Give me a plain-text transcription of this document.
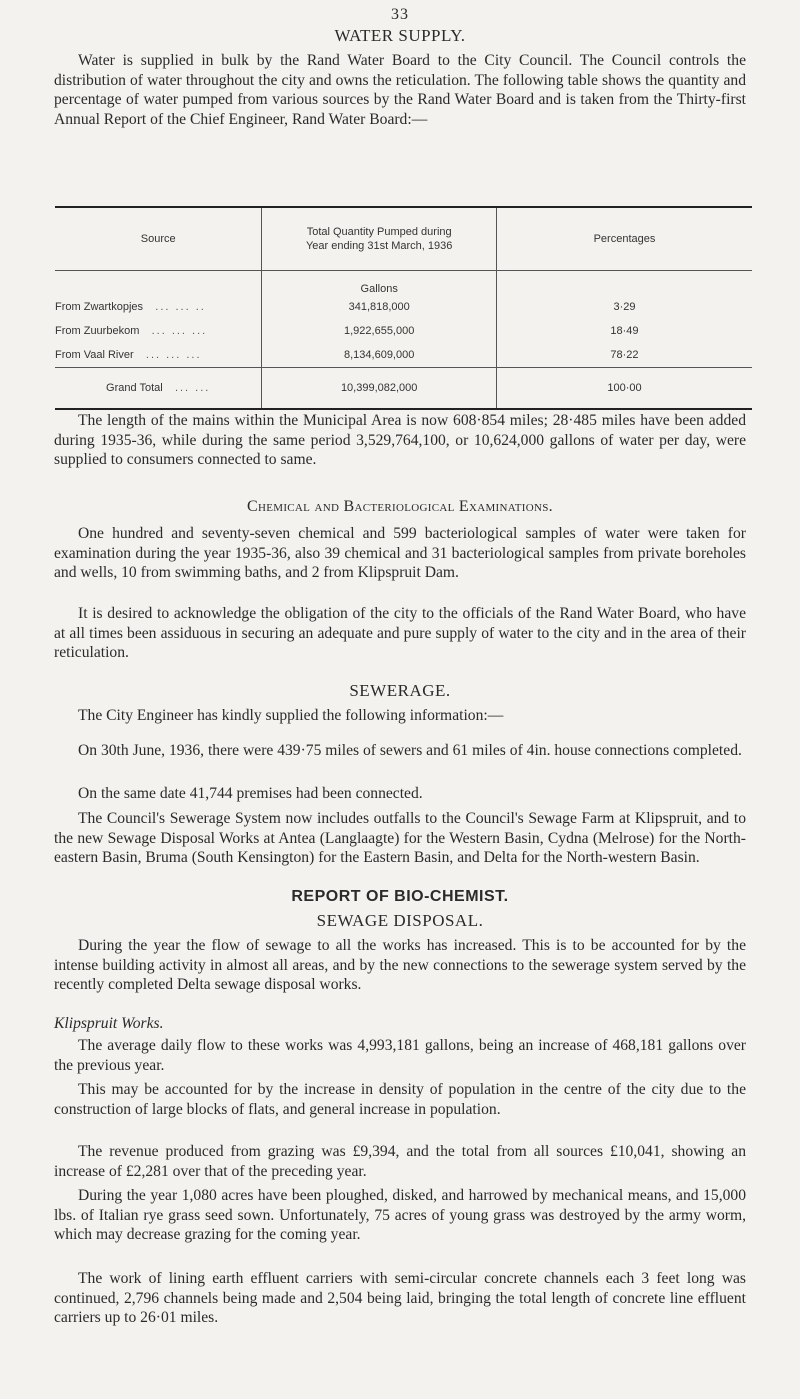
33
WATER SUPPLY.

Water is supplied in bulk by the Rand Water Board to the City Council. The Council controls the distribution of water throughout the city and owns the reticulation. The following table shows the quantity and percentage of water pumped from various sources by the Rand Water Board and is taken from the Thirty-first Annual Report of the Chief Engineer, Rand Water Board:—

Source	Total Quantity Pumped during Year ending 31st March, 1936	Percentages
	Gallons	
From Zwartkopjes ... ... ..	341,818,000	3·29
From Zuurbekom ... ... ...	1,922,655,000	18·49
From Vaal River ... ... ...	8,134,609,000	78·22
Grand Total ... ...	10,399,082,000	100·00

The length of the mains within the Municipal Area is now 608·854 miles; 28·485 miles have been added during 1935-36, while during the same period 3,529,764,100, or 10,624,000 gallons of water per day, were supplied to consumers connected to same.

Chemical and Bacteriological Examinations.

One hundred and seventy-seven chemical and 599 bacteriological samples of water were taken for examination during the year 1935-36, also 39 chemical and 31 bacteriological samples from private boreholes and wells, 10 from swimming baths, and 2 from Klipspruit Dam.

It is desired to acknowledge the obligation of the city to the officials of the Rand Water Board, who have at all times been assiduous in securing an adequate and pure supply of water to the city and in the area of their reticulation.

SEWERAGE.

The City Engineer has kindly supplied the following information:—

On 30th June, 1936, there were 439·75 miles of sewers and 61 miles of 4in. house connections completed.

On the same date 41,744 premises had been connected.

The Council's Sewerage System now includes outfalls to the Council's Sewage Farm at Klipspruit, and to the new Sewage Disposal Works at Antea (Langlaagte) for the Western Basin, Cydna (Melrose) for the North-eastern Basin, Bruma (South Kensington) for the Eastern Basin, and Delta for the North-western Basin.

REPORT OF BIO-CHEMIST.
SEWAGE DISPOSAL.

During the year the flow of sewage to all the works has increased. This is to be accounted for by the intense building activity in almost all areas, and by the new connections to the sewerage system served by the recently completed Delta sewage disposal works.

Klipspruit Works.

The average daily flow to these works was 4,993,181 gallons, being an increase of 468,181 gallons over the previous year.

This may be accounted for by the increase in density of population in the centre of the city due to the construction of large blocks of flats, and general increase in population.

The revenue produced from grazing was £9,394, and the total from all sources £10,041, showing an increase of £2,281 over that of the preceding year.

During the year 1,080 acres have been ploughed, disked, and harrowed by mechanical means, and 15,000 lbs. of Italian rye grass seed sown. Unfortunately, 75 acres of young grass was destroyed by the army worm, which may decrease grazing for the coming year.

The work of lining earth effluent carriers with semi-circular concrete channels each 3 feet long was continued, 2,796 channels being made and 2,504 being laid, bringing the total length of concrete line effluent carriers up to 26·01 miles.
